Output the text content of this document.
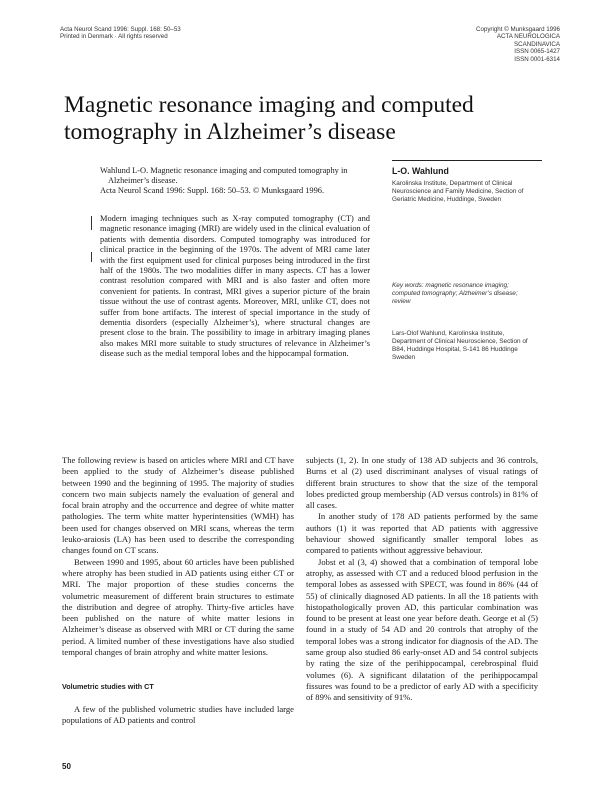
Acta Neurol Scand 1996: Suppl. 168: 50–53
Printed in Denmark · All rights reserved
Copyright © Munksgaard 1996
ACTA NEUROLOGICA
SCANDINAVICA
ISSN 0065-1427
ISSN 0001-6314
Magnetic resonance imaging and computed tomography in Alzheimer’s disease
Wahlund L-O. Magnetic resonance imaging and computed tomography in
Alzheimer’s disease.
Acta Neurol Scand 1996: Suppl. 168: 50–53. © Munksgaard 1996.

Modern imaging techniques such as X-ray computed tomography (CT) and magnetic resonance imaging (MRI) are widely used in the clinical evaluation of patients with dementia disorders. Computed tomography was introduced for clinical practice in the beginning of the 1970s. The advent of MRI came later with the first equipment used for clinical purposes being introduced in the first half of the 1980s. The two modalities differ in many aspects. CT has a lower contrast resolution compared with MRI and is also faster and often more convenient for patients. In contrast, MRI gives a superior picture of the brain tissue without the use of contrast agents. Moreover, MRI, unlike CT, does not suffer from bone artifacts. The interest of special importance in the study of dementia disorders (especially Alzheimer’s), where structural changes are present close to the brain. The possibility to image in arbitrary imaging planes also makes MRI more suitable to study structures of relevance in Alzheimer’s disease such as the medial temporal lobes and the hippocampal formation.

L-O. Wahlund
Karolinska Institute, Department of Clinical
Neuroscience and Family Medicine, Section of
Geriatric Medicine, Huddinge, Sweden
Key words: magnetic resonance imaging;
computed tomography; Alzheimer’s disease;
review
Lars-Olof Wahlund, Karolinska Institute,
Department of Clinical Neuroscience, Section of
B84, Huddinge Hospital, S-141 86 Huddinge
Sweden

The following review is based on articles where MRI and CT have been applied to the study of Alzheimer’s disease published between 1990 and the beginning of 1995. The majority of studies concern two main subjects namely the evaluation of general and focal brain atrophy and the occurrence and degree of white matter pathologies. The term white matter hyperintensities (WMH) has been used for changes observed on MRI scans, whereas the term leuko-araiosis (LA) has been used to describe the corresponding changes found on CT scans.

Between 1990 and 1995, about 60 articles have been published where atrophy has been studied in AD patients using either CT or MRI. The major proportion of these studies concerns the volumetric measurement of different brain structures to estimate the distribution and degree of atrophy. Thirty-five articles have been published on the nature of white matter lesions in Alzheimer’s disease as observed with MRI or CT during the same period. A limited number of these investigations have also studied temporal changes of brain atrophy and white matter lesions.

Volumetric studies with CT

A few of the published volumetric studies have included large populations of AD patients and control

subjects (1, 2). In one study of 138 AD subjects and 36 controls, Burns et al (2) used discriminant analyses of visual ratings of different brain structures to show that the size of the temporal lobes predicted group membership (AD versus controls) in 81% of all cases.

In another study of 178 AD patients performed by the same authors (1) it was reported that AD patients with aggressive behaviour showed significantly smaller temporal lobes as compared to patients without aggressive behaviour.

Jobst et al (3, 4) showed that a combination of temporal lobe atrophy, as assessed with CT and a reduced blood perfusion in the temporal lobes as assessed with SPECT, was found in 86% (44 of 55) of clinically diagnosed AD patients. In all the 18 patients with histopathologically proven AD, this particular combination was found to be present at least one year before death. George et al (5) found in a study of 54 AD and 20 controls that atrophy of the temporal lobes was a strong indicator for diagnosis of the AD. The same group also studied 86 early-onset AD and 54 control subjects by rating the size of the perihippocampal, cerebrospinal fluid volumes (6). A significant dilatation of the perihippocampal fissures was found to be a predictor of early AD with a specificity of 89% and sensitivity of 91%.

50
